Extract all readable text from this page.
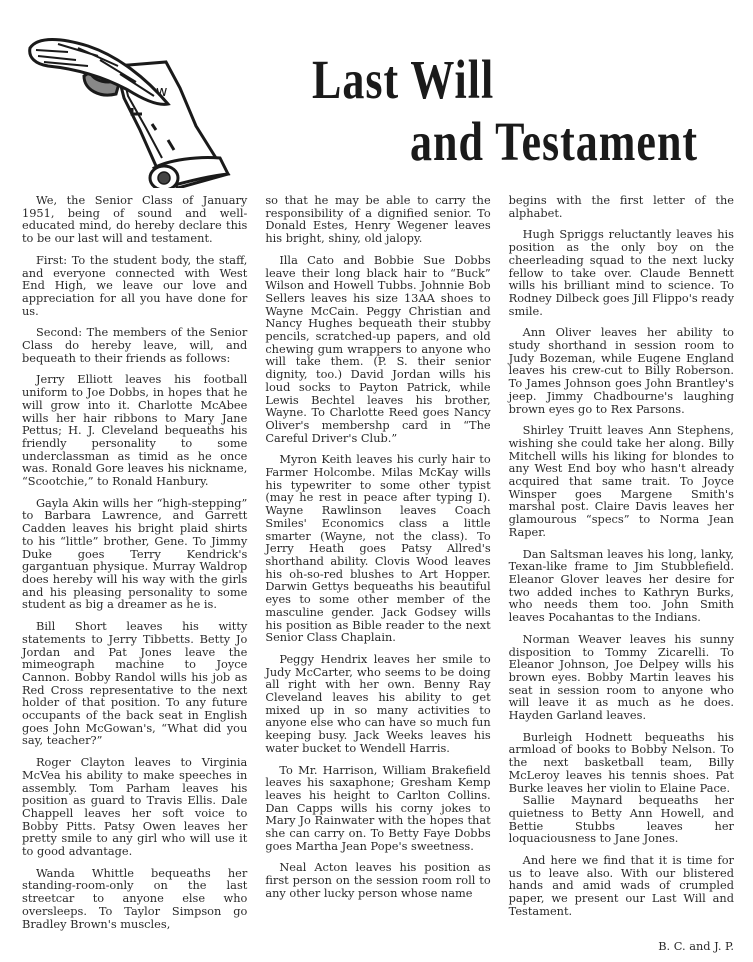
w	Last Will
and Testament

We, the Senior Class of January 1951, being of sound and well-educated mind, do hereby declare this to be our last will and testament.

First: To the student body, the staff, and everyone connected with West End High, we leave our love and appreciation for all you have done for us.

Second: The members of the Senior Class do hereby leave, will, and bequeath to their friends as follows:

Jerry Elliott leaves his football uniform to Joe Dobbs, in hopes that he will grow into it. Charlotte McAbee wills her hair ribbons to Mary Jane Pettus; H. J. Cleveland bequeaths his friendly personality to some underclassman as timid as he once was. Ronald Gore leaves his nickname, “Scootchie,” to Ronald Hanbury.

Gayla Akin wills her “high-stepping” to Barbara Lawrence, and Garrett Cadden leaves his bright plaid shirts to his “little” brother, Gene. To Jimmy Duke goes Terry Kendrick's gargantuan physique. Murray Waldrop does hereby will his way with the girls and his pleasing personality to some student as big a dreamer as he is.

Bill Short leaves his witty statements to Jerry Tibbetts. Betty Jo Jordan and Pat Jones leave the mimeograph machine to Joyce Cannon. Bobby Randol wills his job as Red Cross representative to the next holder of that position. To any future occupants of the back seat in English goes John McGowan's, “What did you say, teacher?”

Roger Clayton leaves to Virginia McVea his ability to make speeches in assembly. Tom Parham leaves his position as guard to Travis Ellis. Dale Chappell leaves her soft voice to Bobby Pitts. Patsy Owen leaves her pretty smile to any girl who will use it to good advantage.

Wanda Whittle bequeaths her standing-room-only on the last streetcar to anyone else who oversleeps. To Taylor Simpson go Bradley Brown's muscles,

so that he may be able to carry the responsibility of a dignified senior. To Donald Estes, Henry Wegener leaves his bright, shiny, old jalopy.

Illa Cato and Bobbie Sue Dobbs leave their long black hair to “Buck” Wilson and Howell Tubbs. Johnnie Bob Sellers leaves his size 13AA shoes to Wayne McCain. Peggy Christian and Nancy Hughes bequeath their stubby pencils, scratched-up papers, and old chewing gum wrappers to anyone who will take them. (P. S. their senior dignity, too.) David Jordan wills his loud socks to Payton Patrick, while Lewis Bechtel leaves his brother, Wayne. To Charlotte Reed goes Nancy Oliver's membershp card in “The Careful Driver's Club.”

Myron Keith leaves his curly hair to Farmer Holcombe. Milas McKay wills his typewriter to some other typist (may he rest in peace after typing I). Wayne Rawlinson leaves Coach Smiles' Economics class a little smarter (Wayne, not the class). To Jerry Heath goes Patsy Allred's shorthand ability. Clovis Wood leaves his oh-so-red blushes to Art Hopper. Darwin Gettys bequeaths his beautiful eyes to some other member of the masculine gender. Jack Godsey wills his position as Bible reader to the next Senior Class Chaplain.

Peggy Hendrix leaves her smile to Judy McCarter, who seems to be doing all right with her own. Benny Ray Cleveland leaves his ability to get mixed up in so many activities to anyone else who can have so much fun keeping busy. Jack Weeks leaves his water bucket to Wendell Harris.

To Mr. Harrison, William Brakefield leaves his saxaphone; Gresham Kemp leaves his height to Carlton Collins. Dan Capps wills his corny jokes to Mary Jo Rainwater with the hopes that she can carry on. To Betty Faye Dobbs goes Martha Jean Pope's sweetness.

Neal Acton leaves his position as first person on the session room roll to any other lucky person whose name

begins with the first letter of the alphabet.

Hugh Spriggs reluctantly leaves his position as the only boy on the cheerleading squad to the next lucky fellow to take over. Claude Bennett wills his brilliant mind to science. To Rodney Dilbeck goes Jill Flippo's ready smile.

Ann Oliver leaves her ability to study shorthand in session room to Judy Bozeman, while Eugene England leaves his crew-cut to Billy Roberson. To James Johnson goes John Brantley's jeep. Jimmy Chadbourne's laughing brown eyes go to Rex Parsons.

Shirley Truitt leaves Ann Stephens, wishing she could take her along. Billy Mitchell wills his liking for blondes to any West End boy who hasn't already acquired that same trait. To Joyce Winsper goes Margene Smith's marshal post. Claire Davis leaves her glamourous “specs” to Norma Jean Raper.

Dan Saltsman leaves his long, lanky, Texan-like frame to Jim Stubblefield. Eleanor Glover leaves her desire for two added inches to Kathryn Burks, who needs them too. John Smith leaves Pocahantas to the Indians.

Norman Weaver leaves his sunny disposition to Tommy Zicarelli. To Eleanor Johnson, Joe Delpey wills his brown eyes. Bobby Martin leaves his seat in session room to anyone who will leave it as much as he does. Hayden Garland leaves.

Burleigh Hodnett bequeaths his armload of books to Bobby Nelson. To the next basketball team, Billy McLeroy leaves his tennis shoes. Pat Burke leaves her violin to Elaine Pace.

Sallie Maynard bequeaths her quietness to Betty Ann Howell, and Bettie Stubbs leaves her loquaciousness to Jane Jones.

And here we find that it is time for us to leave also. With our blistered hands and amid wads of crumpled paper, we present our Last Will and Testament.

B. C. and J. P.
